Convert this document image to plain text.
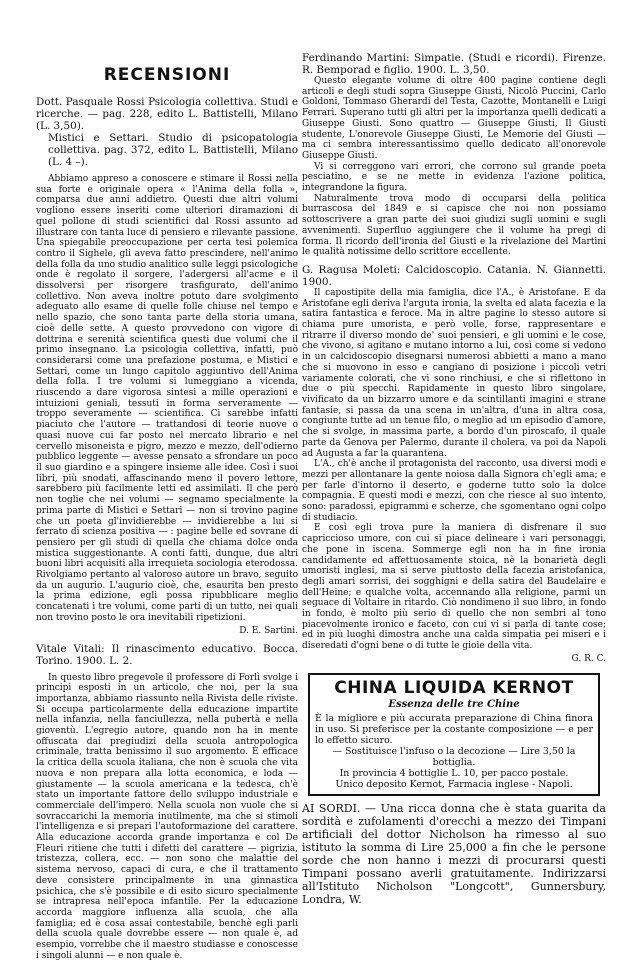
RECENSIONI

Dott. Pasquale Rossi Psicologia collettiva. Studi e ricerche. — pag. 228, edito L. Battistelli, Milano (L. 3,50).

Mistici e Settari. Studio di psicopatologia collettiva. pag. 372, edito L. Battistelli, Milano (L. 4 –).

Abbiamo appreso a conoscere e stimare il Rossi nella sua forte e originale opera « l'Anima della folla », comparsa due anni addietro. Questi due altri volumi vogliono essere inseriti come ulteriori diramazioni di quel pollone di studi scientifici dal Rossi assunto ad illustrare con tanta luce di pensiero e rilevante passione. Una spiegabile preoccupazione per certa tesi polemica contro il Sighele, gli aveva fatto prescindere, nell'animo della folla da uno studio analitico sulle leggi psicologiche onde è regolato il sorgere, l'adergersi all'acme e il dissolversi per risorgere trasfigurato, dell'animo collettivo. Non aveva inoltre potuto dare svolgimento adeguato allo esame di quelle folle chiuse nel tempo e nello spazio, che sono tanta parte della storia umana, cioè delle sette. A questo provvedono con vigore di dottrina e serenità scientifica questi due volumi che il primo insegnano. La psicologia collettiva, infatti, può considerarsi come una prefazione postuma, e Mistici e Settari, come un lungo capitolo aggiuntivo dell'Anima della folla. I tre volumi si lumeggiano a vicenda, riuscendo a dare vigorosa sintesi a mille operazioni e intuizioni geniali, tessuti in forma serveramente — troppo severamente — scientifica. Ci sarebbe infatti piaciuto che l'autore — trattandosi di teorie nuove o quasi nuove cui far posto nel mercato librario e nel cervello misoneista e pigro, mezzo e mezzo, dell'odierno pubblico leggente — avesse pensato a sfrondare un poco il suo giardino e a spingere insieme alle idee. Così i suoi libri, più snodati, affascinando meno il povero lettore, sarebbero più facilmente letti ed assimilati. Il che però non toglie che nei volumi — segnamo specialmente la prima parte di Mistici e Settari — non si trovino pagine che un poeta gl'invidierebbe — invidierebbe a lui si ferrato di scienza positiva — : pagine belle ed sovrane di pensiero per gli studi di quella che chiama dolce onda mistica suggestionante. A conti fatti, dunque, due altri buoni libri acquisiti alla irrequieta sociologia eterodossa. Rivolgiamo pertanto al valoroso autore un bravo, seguito da un augurio. L'augurio cioè, che, esaurita ben presto la prima edizione, egli possa ripubblicare meglio concatenati i tre volumi, come parti di un tutto, nei quali non trovino posto le ora inevitabili ripetizioni.

D. E. Sartini.

Vitale Vitali: Il rinascimento educativo. Bocca. Torino. 1900. L. 2.

In questo libro pregevole il professore di Forlì svolge i principi esposti in un articolo, che noi, per la sua importanza, abbiamo riassunto nella Rivista delle riviste. Si occupa particolarmente della educazione impartite nella infanzia, nella fanciullezza, nella pubertà e nella gioventù. L'egregio autore, quando non ha in mente offuscata dai pregiudizi della scuola antropologica criminale, tratta benissimo il suo argomento. È efficace la critica della scuola italiana, che non è scuola che vita nuova e non prepara alla lotta economica, e loda — giustamente — la scuola americana e la tedesca, ch'è stato un importante fattore dello sviluppo industriale e commerciale dell'impero. Nella scuola non vuole che si sovraccarichi la memoria inutilmente, ma che si stimoli l'intelligenza e si prepari l'autoformazione del carattere. Alla educazione accorda grande importanza e col De Fleuri ritiene che tutti i difetti del carattere — pigrizia, tristezza, collera, ecc. — non sono che malattie del sistema nervoso, capaci di cura, e che il trattamento deve consistere principalmente in una ginnastica psichica, che s'è possibile e di esito sicuro specialmente se intrapresa nell'epoca infantile. Per la educazione accorda maggiore influenza alla scuola, che alla famiglia; ed è cosa assai contestabile, benchè egli parli della scuola quale dovrebbe essere — non quale è, ad esempio, vorrebbe che il maestro studiasse e conoscesse i singoli alunni — e non quale è.

Ferdinando Martini: Simpatie. (Studi e ricordi). Firenze. R. Bemporad e figlio. 1900. L. 3,50.

Questo elegante volume di oltre 400 pagine contiene degli articoli e degli studi sopra Giuseppe Giusti, Nicolò Puccini, Carlo Goldoni, Tommaso Gherardi del Testa, Cazotte, Montanelli e Luigi Ferrari. Superano tutti gli altri per la importanza quelli dedicati a Giuseppe Giusti. Sono quattro — Giuseppe Giusti, Il Giusti studente, L'onorevole Giuseppe Giusti, Le Memorie del Giusti — ma ci sembra interessantissimo quello dedicato all'onorevole Giuseppe Giusti.

Vi si correggono vari errori, che corrono sul grande poeta pesciatino, e se ne mette in evidenza l'azione politica, integrandone la figura.

Naturalmente trova modo di occuparsi della politica burrascosa del 1849 e si capisce che noi non possiamo sottoscrivere a gran parte dei suoi giudizi sugli uomini e sugli avvenimenti. Superfluo aggiungere che il volume ha pregi di forma. Il ricordo dell'ironia del Giusti e la rivelazione del Martini le qualità notissime dello scrittore eccellente.

G. Ragusa Moleti: Calcidoscopio. Catania. N. Giannetti. 1900.

Il capostipite della mia famiglia, dice l'A., è Aristofane. E da Aristofane egli deriva l'arguta ironia, la svelta ed alata facezia e la satira fantastica e feroce. Ma in altre pagine lo stesso autore si chiama pure umorista, e però volle, forse, rappresentare e ritrarre il diverso mondo de' suoi pensieri, e gli uomini e le cose, che vivono, si agitano e mutano intorno a lui, così come si vedono in un calcidoscopio disegnarsi numerosi abbietti a mano a mano che si muovono in esso e cangiano di posizione i piccoli vetri variamente colorati, che vi sono rinchiusi, e che si riflettono in due o più specchi. Rapidamente in questo libro singolare, vivificato da un bizzarro umore e da scintillanti imagini e strane fantasie, si passa da una scena in un'altra, d'una in altra cosa, congiunte tutte ad un tenue filo, o meglio ad un episodio d'amore, che si svolge, in massima parte, a bordo d'un piroscafo, il quale parte da Genova per Palermo, durante il cholera, va poi da Napoli ad Augusta a far la quarantena.

L'A., ch'è anche il protagonista del racconto, usa diversi modi e mezzi per allontanare la gente noiosa dalla Signora ch'egli ama; e per farle d'intorno il deserto, e goderne tutto solo la dolce compagnia. E questi modi e mezzi, con che riesce al suo intento, sono: paradossi, epigrammi e scherze, che sgomentano ogni colpo di studiacio.

E così egli trova pure la maniera di disfrenare il suo capriccioso umore, con cui si piace delineare i vari personaggi, che pone in iscena. Sommerge egli non ha in fine ironia candidamente ed affettuosamente stoica, nè la bonarietà degli umoristi inglesi, ma si serve piuttosto della facezia aristofanica, degli amari sorrisi, dei sogghigni e della satira del Baudelaire e dell'Heine; e qualche volta, accennando alla religione, parmi un seguace di Voltaire in ritardo. Ciò nondimeno il suo libro, in fondo in fondo, è molto più serio di quello che non sembri al tono piacevolmente ironico e faceto, con cui vi si parla di tante cose; ed in più luoghi dimostra anche una calda simpatia pei miseri e i diseredati d'ogni bene o di tutte le gioie della vita.

G. R. C.
CHINA LIQUIDA KERNOT
Essenza delle tre Chine
È la migliore e più accurata preparazione di China finora in uso. Si preferisce per la costante composizione — e per lo effetto sicuro.
— Sostituisce l'infuso o la decozione — Lire 3,50 la bottiglia.
In provincia 4 bottiglie L. 10, per pacco postale.
Unico deposito Kernot, Farmacia inglese - Napoli.

AI SORDI. — Una ricca donna che è stata guarita da sordità e zufolamenti d'orecchi a mezzo dei Timpani artificiali del dottor Nicholson ha rimesso al suo istituto la somma di Lire 25,000 a fin che le persone sorde che non hanno i mezzi di procurarsi questi Timpani possano averli gratuitamente. Indirizzarsi all'Istituto Nicholson "Longcott", Gunnersbury, Londra, W.
